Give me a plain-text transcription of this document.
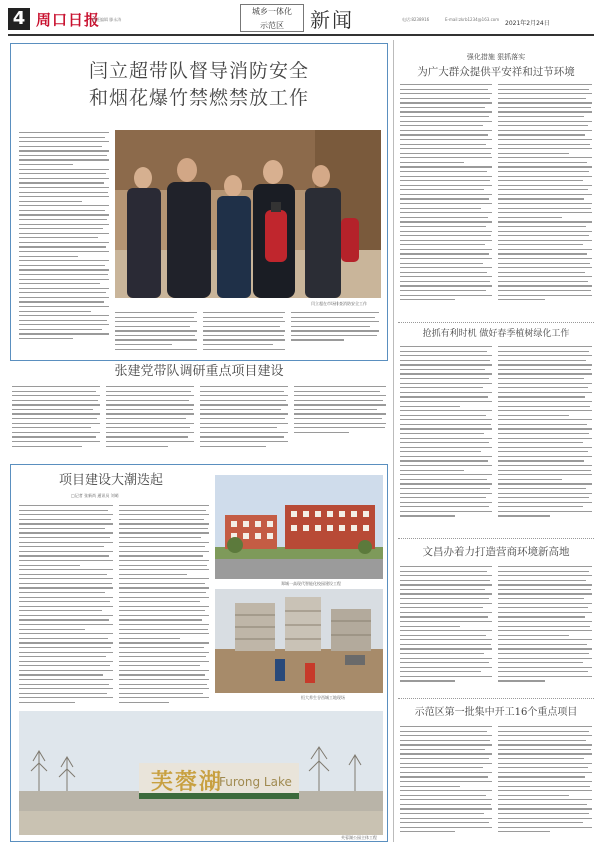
4 周口日报
值班编辑 滕永涛
城乡一体化
示范区	新闻	电话:8238916	E-mail:zkrb1234@163.com
2021年2月24日
闫立超带队督导消防安全
和烟花爆竹禁燃禁放工作
闫立超在市场排查消防安全工作
张建党带队调研重点项目建设
项目建设大潮迭起
□记者 张新尚 通讯员 刘萌
郑城一高现代智能化校园建设工程
恒大养生谷西城工地现场
芙蓉湖
Furong Lake
芙蓉湖公园主体工程
强化措施 狠抓落实
为广大群众提供平安祥和过节环境
抢抓有利时机 做好春季植树绿化工作
文昌办着力打造营商环境新高地
示范区第一批集中开工16个重点项目
